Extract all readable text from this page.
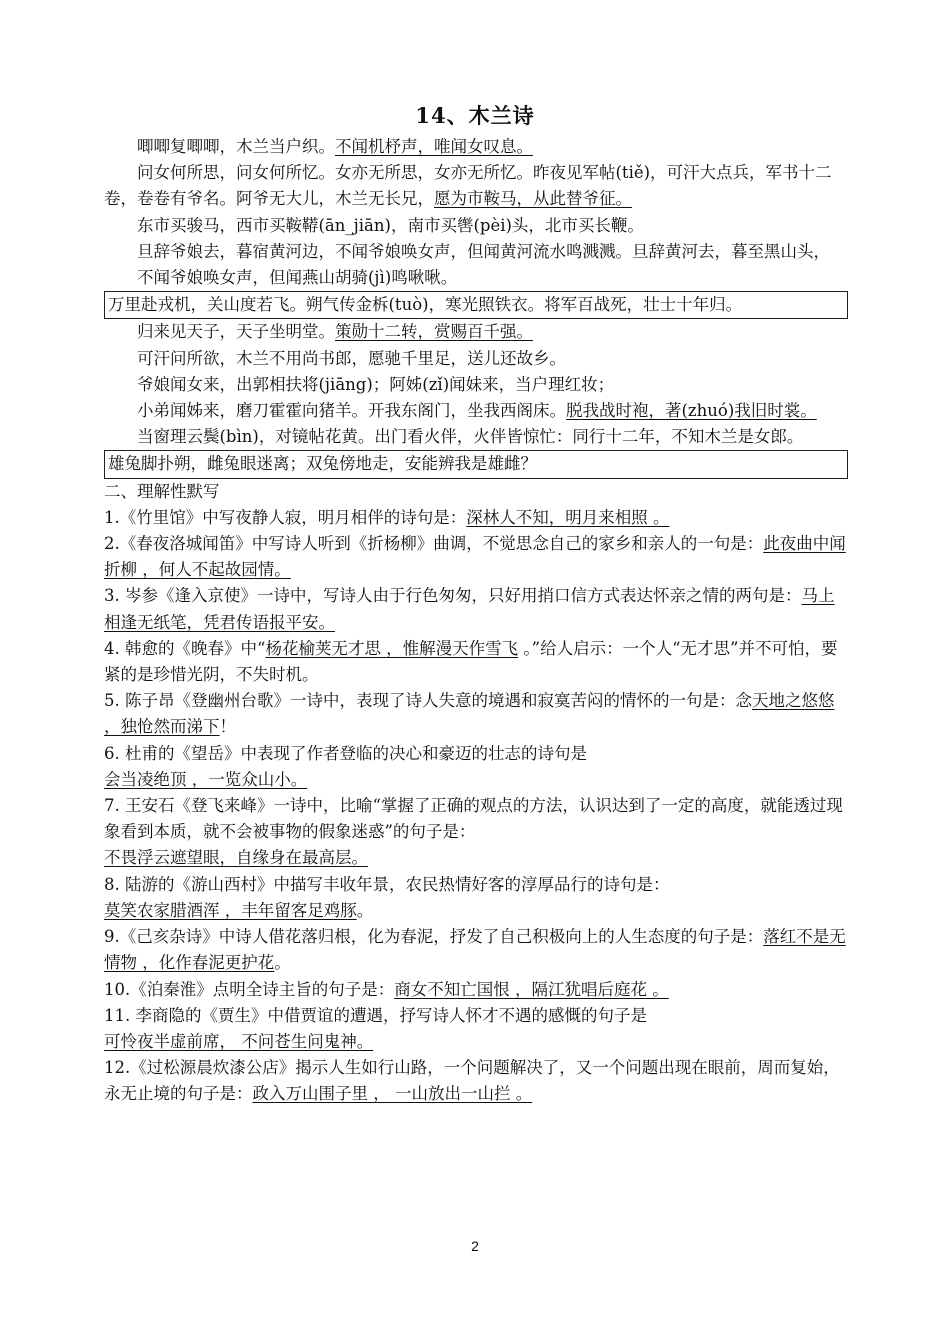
14、木兰诗

唧唧复唧唧，木兰当户织。不闻机杼声，唯闻女叹息。

问女何所思，问女何所忆。女亦无所思，女亦无所忆。昨夜见军帖(tiě)，可汗大点兵，军书十二卷，卷卷有爷名。阿爷无大儿，木兰无长兄，愿为市鞍马，从此替爷征。

东市买骏马，西市买鞍鞯(ān_jiān)，南市买辔(pèi)头，北市买长鞭。

旦辞爷娘去，暮宿黄河边，不闻爷娘唤女声，但闻黄河流水鸣溅溅。旦辞黄河去，暮至黑山头，

不闻爷娘唤女声，但闻燕山胡骑(jì)鸣啾啾。

万里赴戎机，关山度若飞。朔气传金柝(tuò)，寒光照铁衣。将军百战死，壮士十年归。

归来见天子，天子坐明堂。策勋十二转，赏赐百千强。

可汗问所欲，木兰不用尚书郎，愿驰千里足，送儿还故乡。

爷娘闻女来，出郭相扶将(jiāng)；阿姊(zǐ)闻妹来，当户理红妆；

小弟闻姊来，磨刀霍霍向猪羊。开我东阁门，坐我西阁床。脱我战时袍，著(zhuó)我旧时裳。

当窗理云鬓(bìn)，对镜帖花黄。出门看火伴，火伴皆惊忙：同行十二年，不知木兰是女郎。

雄兔脚扑朔，雌兔眼迷离；双兔傍地走，安能辨我是雄雌？

二、理解性默写

1.《竹里馆》中写夜静人寂，明月相伴的诗句是：深林人不知，明月来相照 。

2.《春夜洛城闻笛》中写诗人听到《折杨柳》曲调，不觉思念自己的家乡和亲人的一句是：此夜曲中闻折柳 ，何人不起故园情。

3. 岑参《逢入京使》一诗中，写诗人由于行色匆匆，只好用捎口信方式表达怀亲之情的两句是：马上相逢无纸笔，凭君传语报平安。

4. 韩愈的《晚春》中“杨花榆荚无才思 ，惟解漫天作雪飞 。”给人启示：一个人“无才思”并不可怕，要紧的是珍惜光阴，不失时机。

5. 陈子昂《登幽州台歌》一诗中，表现了诗人失意的境遇和寂寞苦闷的情怀的一句是：念天地之悠悠 ，独怆然而涕下！

6. 杜甫的《望岳》中表现了作者登临的决心和豪迈的壮志的诗句是
会当凌绝顶 ，一览众山小。

7. 王安石《登飞来峰》一诗中，比喻“掌握了正确的观点的方法，认识达到了一定的高度，就能透过现象看到本质，就不会被事物的假象迷惑”的句子是：
不畏浮云遮望眼，自缘身在最高层。

8. 陆游的《游山西村》中描写丰收年景，农民热情好客的淳厚品行的诗句是：
莫笑农家腊酒浑 ，丰年留客足鸡豚。

9.《己亥杂诗》中诗人借花落归根，化为春泥，抒发了自己积极向上的人生态度的句子是：落红不是无情物 ，化作春泥更护花。

10.《泊秦淮》点明全诗主旨的句子是：商女不知亡国恨 ，隔江犹唱后庭花 。

11. 李商隐的《贾生》中借贾谊的遭遇，抒写诗人怀才不遇的感慨的句子是
可怜夜半虚前席， 不问苍生问鬼神。

12.《过松源晨炊漆公店》揭示人生如行山路，一个问题解决了，又一个问题出现在眼前，周而复始，永无止境的句子是：政入万山围子里 ， 一山放出一山拦 。

2
